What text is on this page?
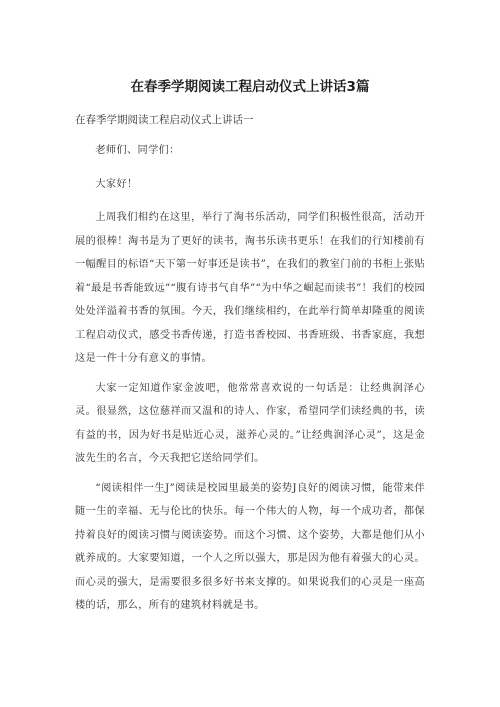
在春季学期阅读工程启动仪式上讲话3篇
在春季学期阅读工程启动仪式上讲话一

老师们、同学们：

大家好！

上周我们相约在这里，举行了淘书乐活动，同学们积极性很高，活动开展的很棒！淘书是为了更好的读书，淘书乐读书更乐！在我们的行知楼前有一幅醒目的标语“天下第一好事还是读书”，在我们的教室门前的书柜上张贴着“最是书香能致远”“腹有诗书气自华”“为中华之崛起而读书”！我们的校园处处洋溢着书香的氛围。今天，我们继续相约，在此举行简单却隆重的阅读工程启动仪式，感受书香传递，打造书香校园、书香班级、书香家庭，我想这是一件十分有意义的事情。

大家一定知道作家金波吧，他常常喜欢说的一句话是：让经典润泽心灵。很显然，这位慈祥而又温和的诗人、作家，希望同学们读经典的书，读有益的书，因为好书是贴近心灵，滋养心灵的。”让经典润泽心灵”，这是金波先生的名言，今天我把它送给同学们。

“阅读相伴一生J”阅读是校园里最美的姿势J良好的阅读习惯，能带来伴随一生的幸福、无与伦比的快乐。每一个伟大的人物，每一个成功者，都保持着良好的阅读习惯与阅读姿势。而这个习惯、这个姿势，大都是他们从小就养成的。大家要知道，一个人之所以强大，那是因为他有着强大的心灵。而心灵的强大，是需要很多很多好书来支撑的。如果说我们的心灵是一座高楼的话，那么，所有的建筑材料就是书。
